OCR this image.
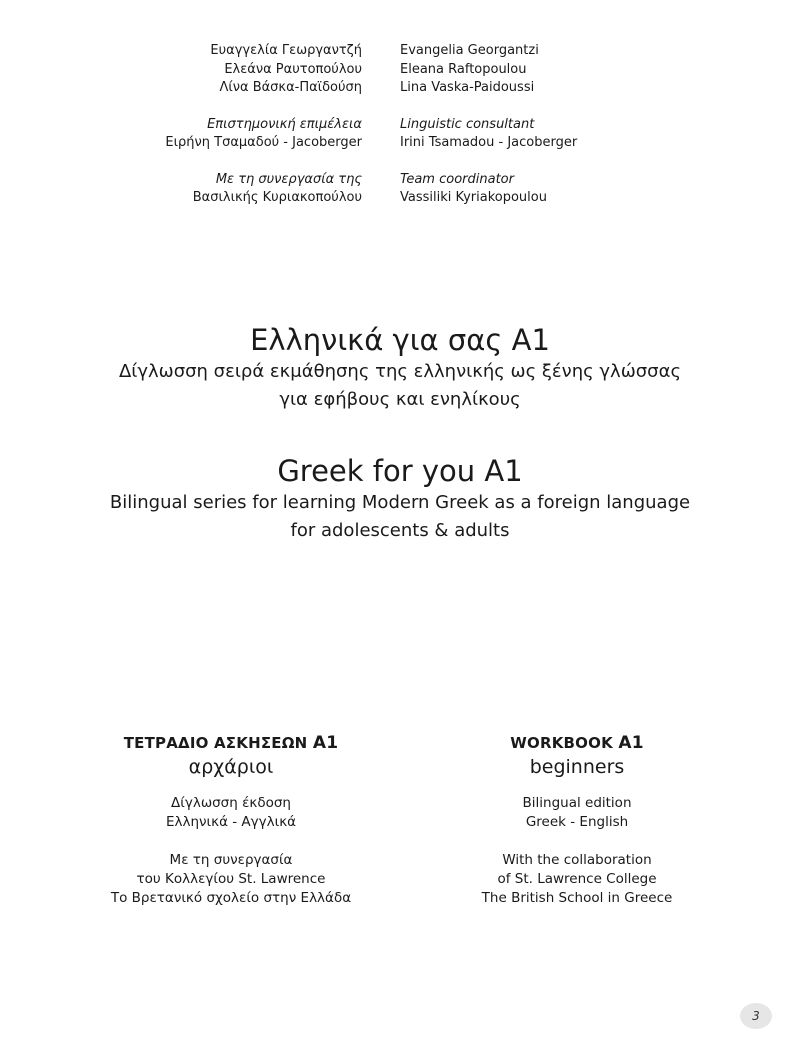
Ευαγγελία Γεωργαντζή
Ελεάνα Ραυτοπούλου
Λίνα Βάσκα-Παϊδούση
Evangelia Georgantzi
Eleana Raftopoulou
Lina Vaska-Paidoussi
Επιστημονική επιμέλεια
Ειρήνη Τσαμαδού - Jacoberger
Linguistic consultant
Irini Tsamadou - Jacoberger
Με τη συνεργασία της
Βασιλικής Κυριακοπούλου
Team coordinator
Vassiliki Kyriakopoulou
Ελληνικά για σας Α1
Δίγλωσση σειρά εκμάθησης της ελληνικής ως ξένης γλώσσας
για εφήβους και ενηλίκους
Greek for you A1
Bilingual series for learning Modern Greek as a foreign language
for adolescents & adults
ΤΕΤΡΑΔΙΟ ΑΣΚΗΣΕΩΝ Α1
αρχάριοι
Δίγλωσση έκδοση
Ελληνικά - Αγγλικά
Με τη συνεργασία
του Κολλεγίου St. Lawrence
Το Βρετανικό σχολείο στην Ελλάδα
WORKBOOK A1
beginners
Bilingual edition
Greek - English
With the collaboration
of St. Lawrence College
The British School in Greece
3
